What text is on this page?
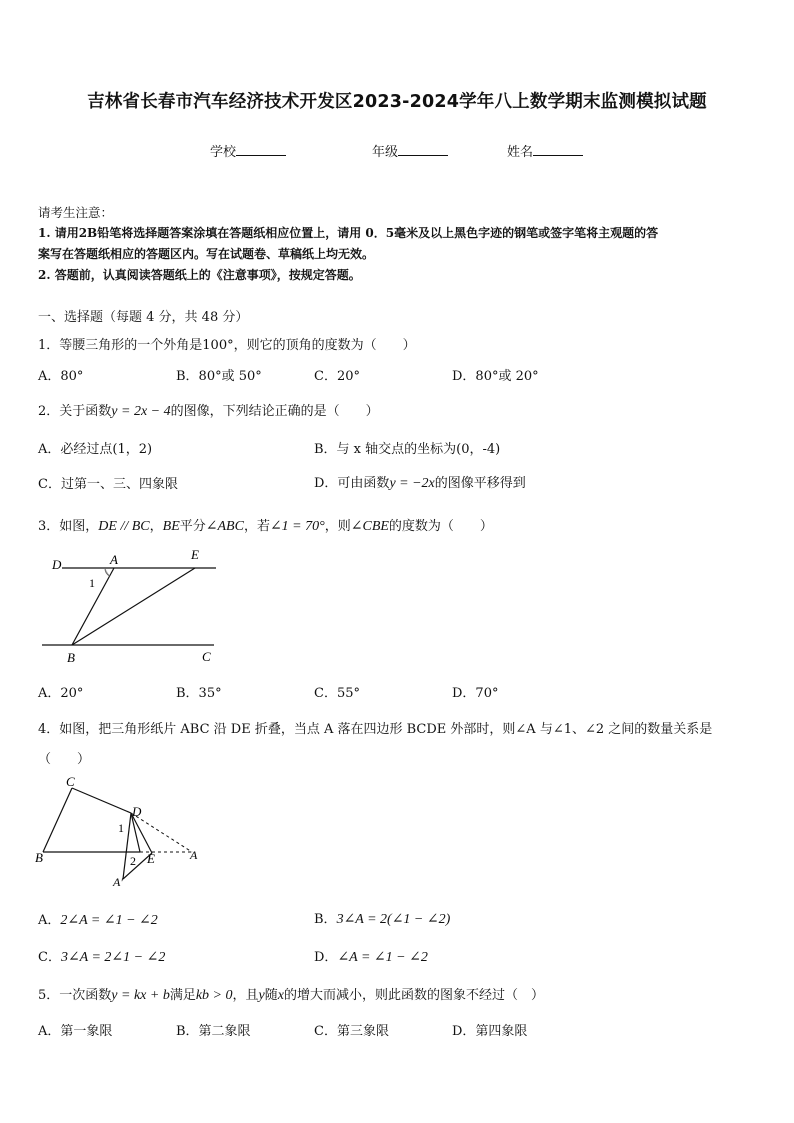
吉林省长春市汽车经济技术开发区2023-2024学年八上数学期末监测模拟试题
学校	年级	姓名
请考生注意：
1. 请用2B铅笔将选择题答案涂填在答题纸相应位置上，请用 0．5毫米及以上黑色字迹的钢笔或签字笔将主观题的答
案写在答题纸相应的答题区内。写在试题卷、草稿纸上均无效。
2. 答题前，认真阅读答题纸上的《注意事项》，按规定答题。
一、选择题（每题 4 分，共 48 分）
1．等腰三角形的一个外角是100°，则它的顶角的度数为（　　）
A．80°	B．80°或 50°	C．20°	D．80°或 20°
2．关于函数y = 2x − 4的图像，下列结论正确的是（　　）
A．必经过点(1，2)	B．与 x 轴交点的坐标为(0，-4)
C．过第一、三、四象限	D．可由函数y = −2x的图像平移得到
3．如图，DE // BC，BE平分∠ABC，若∠1 = 70°，则∠CBE的度数为（　　）
D	A	E
1
B	C
A．20°	B．35°	C．55°	D．70°
4．如图，把三角形纸片 ABC 沿 DE 折叠，当点 A 落在四边形 BCDE 外部时，则∠A 与∠1、∠2 之间的数量关系是
（　　）
C
D
1
B	2 E	A
A′
A．2∠A = ∠1 − ∠2	B．3∠A = 2(∠1 − ∠2)
C．3∠A = 2∠1 − ∠2	D．∠A = ∠1 − ∠2
5．一次函数y = kx + b满足kb > 0，且y随x的增大而减小，则此函数的图象不经过（　）
A．第一象限	B．第二象限	C．第三象限	D．第四象限
